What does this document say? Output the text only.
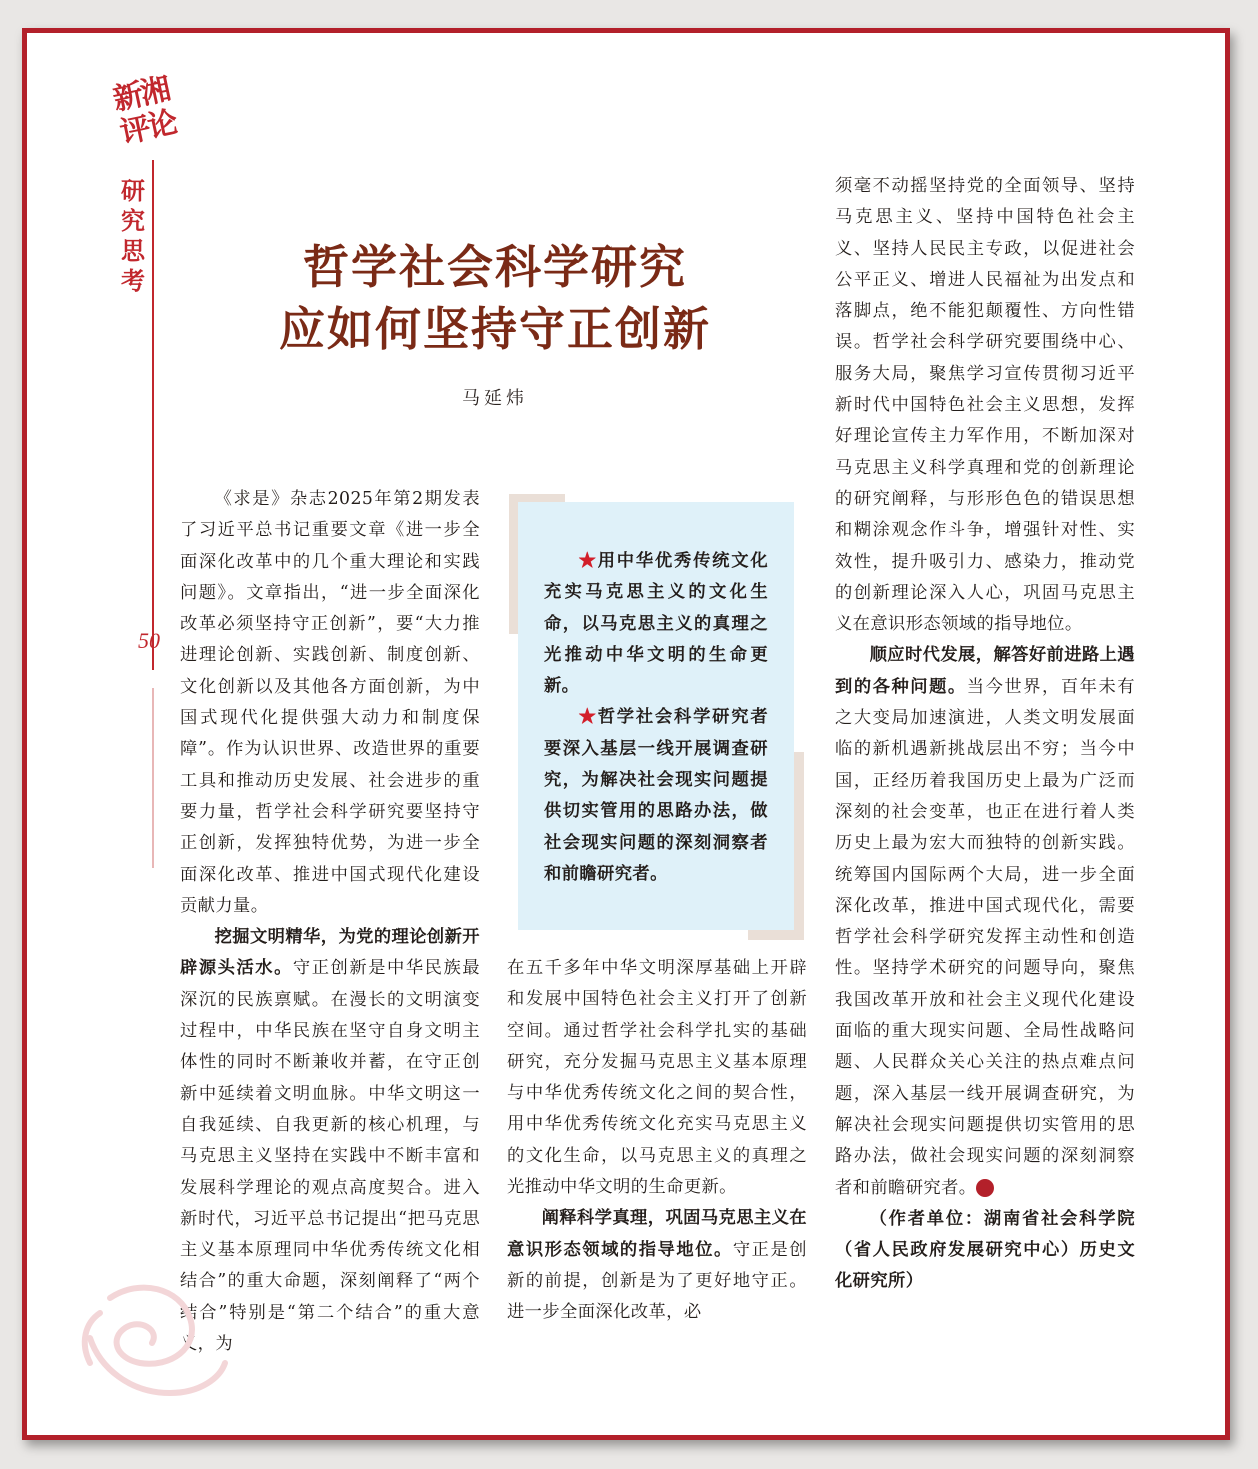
新湘
评论
研
究
思
考
50
哲学社会科学研究
应如何坚持守正创新
马延炜

《求是》杂志2025年第2期发表了习近平总书记重要文章《进一步全面深化改革中的几个重大理论和实践问题》。文章指出，“进一步全面深化改革必须坚持守正创新”，要“大力推进理论创新、实践创新、制度创新、文化创新以及其他各方面创新，为中国式现代化提供强大动力和制度保障”。作为认识世界、改造世界的重要工具和推动历史发展、社会进步的重要力量，哲学社会科学研究要坚持守正创新，发挥独特优势，为进一步全面深化改革、推进中国式现代化建设贡献力量。

挖掘文明精华，为党的理论创新开辟源头活水。守正创新是中华民族最深沉的民族禀赋。在漫长的文明演变过程中，中华民族在坚守自身文明主体性的同时不断兼收并蓄，在守正创新中延续着文明血脉。中华文明这一自我延续、自我更新的核心机理，与马克思主义坚持在实践中不断丰富和发展科学理论的观点高度契合。进入新时代，习近平总书记提出“把马克思主义基本原理同中华优秀传统文化相结合”的重大命题，深刻阐释了“两个结合”特别是“第二个结合”的重大意义，为

★用中华优秀传统文化充实马克思主义的文化生命，以马克思主义的真理之光推动中华文明的生命更新。

★哲学社会科学研究者要深入基层一线开展调查研究，为解决社会现实问题提供切实管用的思路办法，做社会现实问题的深刻洞察者和前瞻研究者。

在五千多年中华文明深厚基础上开辟和发展中国特色社会主义打开了创新空间。通过哲学社会科学扎实的基础研究，充分发掘马克思主义基本原理与中华优秀传统文化之间的契合性，用中华优秀传统文化充实马克思主义的文化生命，以马克思主义的真理之光推动中华文明的生命更新。

阐释科学真理，巩固马克思主义在意识形态领域的指导地位。守正是创新的前提，创新是为了更好地守正。进一步全面深化改革，必

须毫不动摇坚持党的全面领导、坚持马克思主义、坚持中国特色社会主义、坚持人民民主专政，以促进社会公平正义、增进人民福祉为出发点和落脚点，绝不能犯颠覆性、方向性错误。哲学社会科学研究要围绕中心、服务大局，聚焦学习宣传贯彻习近平新时代中国特色社会主义思想，发挥好理论宣传主力军作用，不断加深对马克思主义科学真理和党的创新理论的研究阐释，与形形色色的错误思想和糊涂观念作斗争，增强针对性、实效性，提升吸引力、感染力，推动党的创新理论深入人心，巩固马克思主义在意识形态领域的指导地位。

顺应时代发展，解答好前进路上遇到的各种问题。当今世界，百年未有之大变局加速演进，人类文明发展面临的新机遇新挑战层出不穷；当今中国，正经历着我国历史上最为广泛而深刻的社会变革，也正在进行着人类历史上最为宏大而独特的创新实践。统筹国内国际两个大局，进一步全面深化改革，推进中国式现代化，需要哲学社会科学研究发挥主动性和创造性。坚持学术研究的问题导向，聚焦我国改革开放和社会主义现代化建设面临的重大现实问题、全局性战略问题、人民群众关心关注的热点难点问题，深入基层一线开展调查研究，为解决社会现实问题提供切实管用的思路办法，做社会现实问题的深刻洞察者和前瞻研究者。	湘

（作者单位：湖南省社会科学院（省人民政府发展研究中心）历史文化研究所）
